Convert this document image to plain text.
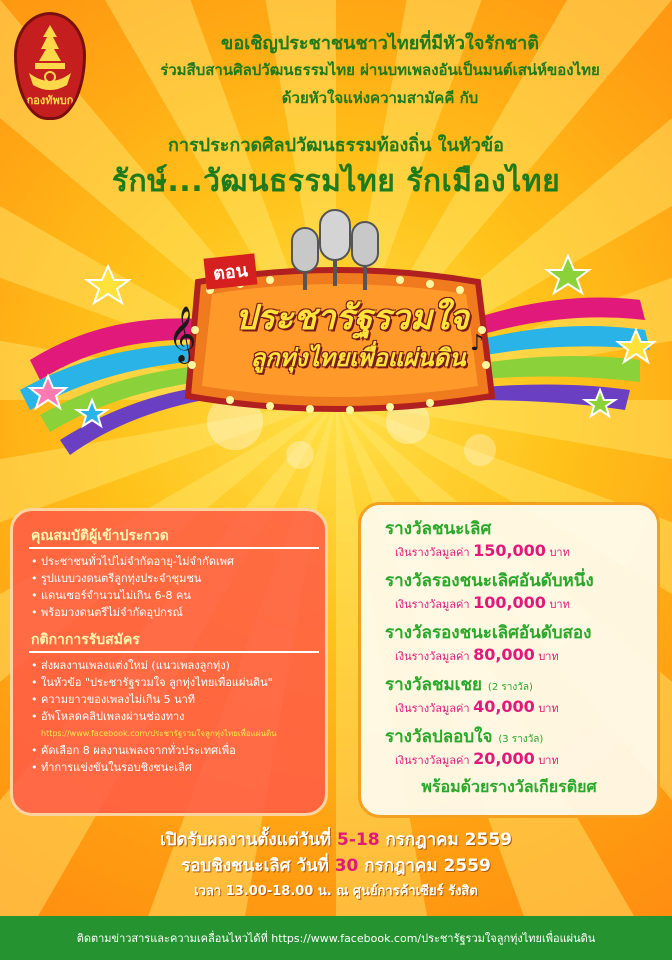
กองทัพบก
ขอเชิญประชาชนชาวไทยที่มีหัวใจรักชาติ
ร่วมสืบสานศิลปวัฒนธรรมไทย ผ่านบทเพลงอันเป็นมนต์เสน่ห์ของไทย
ด้วยหัวใจแห่งความสามัคคี กับ
การประกวดศิลปวัฒนธรรมท้องถิ่น ในหัวข้อ
รักษ์...วัฒนธรรมไทย รักเมืองไทย
𝄞	♪
ตอน
ประชารัฐรวมใจ
ลูกทุ่งไทยเพื่อแผ่นดิน
คุณสมบัติผู้เข้าประกวด
• ประชาชนทั่วไปไม่จำกัดอายุ-ไม่จำกัดเพศ
• รูปแบบวงดนตรีลูกทุ่งประจำชุมชน
• แดนเซอร์จำนวนไม่เกิน 6-8 คน
• พร้อมวงดนตรีไม่จำกัดอุปกรณ์
กติกาการรับสมัคร
• ส่งผลงานเพลงแต่งใหม่ (แนวเพลงลูกทุ่ง)
• ในหัวข้อ "ประชารัฐรวมใจ ลูกทุ่งไทยเพื่อแผ่นดิน"
• ความยาวของเพลงไม่เกิน 5 นาที
• อัพโหลดคลิปเพลงผ่านช่องทาง
https://www.facebook.com/ประชารัฐรวมใจลูกทุ่งไทยเพื่อแผ่นดิน
• คัดเลือก 8 ผลงานเพลงจากทั่วประเทศเพื่อ
• ทำการแข่งขันในรอบชิงชนะเลิศ
รางวัลชนะเลิศ
เงินรางวัลมูลค่า 150,000 บาท
รางวัลรองชนะเลิศอันดับหนึ่ง
เงินรางวัลมูลค่า 100,000 บาท
รางวัลรองชนะเลิศอันดับสอง
เงินรางวัลมูลค่า 80,000 บาท
รางวัลชมเชย (2 รางวัล)
เงินรางวัลมูลค่า 40,000 บาท
รางวัลปลอบใจ (3 รางวัล)
เงินรางวัลมูลค่า 20,000 บาท
พร้อมด้วยรางวัลเกียรติยศ
เปิดรับผลงานตั้งแต่วันที่ 5-18 กรกฎาคม 2559
รอบชิงชนะเลิศ วันที่ 30 กรกฎาคม 2559
เวลา 13.00-18.00 น. ณ ศูนย์การค้าเซียร์ รังสิต
ติดตามข่าวสารและความเคลื่อนไหวได้ที่ https://www.facebook.com/ประชารัฐรวมใจลูกทุ่งไทยเพื่อแผ่นดิน
